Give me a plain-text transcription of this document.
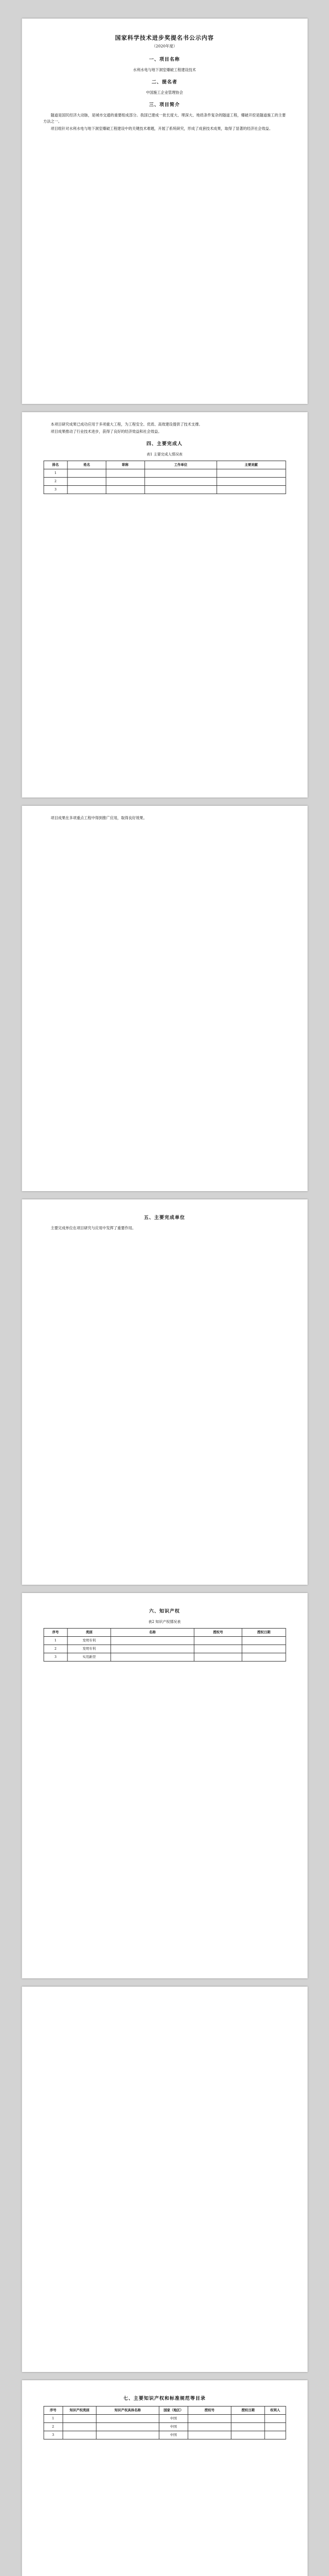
国家科学技术进步奖提名书公示内容
（2020年度）
一、项目名称
水利水电与地下洞室爆破工程建设技术
二、提名者
中国施工企业管理协会
三、项目简介

隧道是国民经济大动脉，是城市交通的重要组成部分。我国已建成一批长度大、埋深大、地质条件复杂的隧道工程，爆破开挖是隧道施工的主要方法之一。

项目组针对水利水电与地下洞室爆破工程建设中的关键技术难题，开展了系统研究，形成了成套技术成果，取得了显著的经济社会效益。

本项目研究成果已成功应用于多项重大工程，为工程安全、优质、高效建设提供了技术支撑。

项目成果推动了行业技术进步，获得了良好的经济效益和社会效益。

四、主要完成人
表1 主要完成人情况表
排名	姓名	职称	工作单位	主要贡献
1				
2				
3				

项目成果在多项重点工程中得到推广应用，取得良好效果。

五、主要完成单位

主要完成单位在项目研究与应用中发挥了重要作用。

六、知识产权
表2 知识产权情况表
序号	类别	名称	授权号	授权日期
1	发明专利			
2	发明专利			
3	实用新型			
七、主要知识产权和标准规范等目录
序号	知识产权类别	知识产权具体名称	国家（地区）	授权号	授权日期	权利人
1			中国			
2			中国			
3			中国			
